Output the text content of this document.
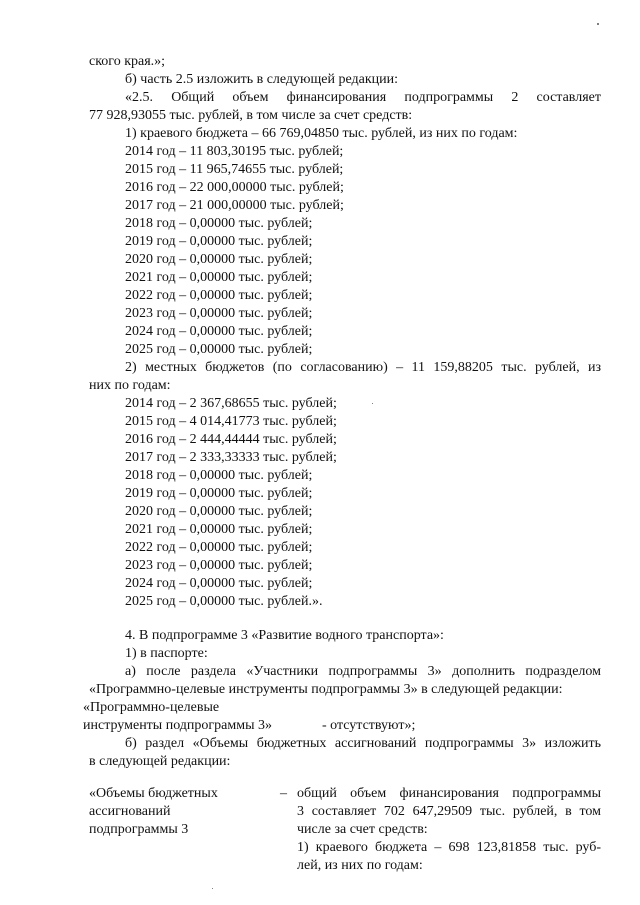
ского края.»;
б) часть 2.5 изложить в следующей редакции:
«2.5. Общий объем финансирования подпрограммы 2 составляет
77 928,93055 тыс. рублей, в том числе за счет средств:
1) краевого бюджета – 66 769,04850 тыс. рублей, из них по годам:
2014 год – 11 803,30195 тыс. рублей;
2015 год – 11 965,74655 тыс. рублей;
2016 год – 22 000,00000 тыс. рублей;
2017 год – 21 000,00000 тыс. рублей;
2018 год – 0,00000 тыс. рублей;
2019 год – 0,00000 тыс. рублей;
2020 год – 0,00000 тыс. рублей;
2021 год – 0,00000 тыс. рублей;
2022 год – 0,00000 тыс. рублей;
2023 год – 0,00000 тыс. рублей;
2024 год – 0,00000 тыс. рублей;
2025 год – 0,00000 тыс. рублей;
2) местных бюджетов (по согласованию) – 11 159,88205 тыс. рублей, из
них по годам:
2014 год – 2 367,68655 тыс. рублей;
2015 год – 4 014,41773 тыс. рублей;
2016 год – 2 444,44444 тыс. рублей;
2017 год – 2 333,33333 тыс. рублей;
2018 год – 0,00000 тыс. рублей;
2019 год – 0,00000 тыс. рублей;
2020 год – 0,00000 тыс. рублей;
2021 год – 0,00000 тыс. рублей;
2022 год – 0,00000 тыс. рублей;
2023 год – 0,00000 тыс. рублей;
2024 год – 0,00000 тыс. рублей;
2025 год – 0,00000 тыс. рублей.».
4. В подпрограмме 3 «Развитие водного транспорта»:
1) в паспорте:
а) после раздела «Участники подпрограммы 3» дополнить подразделом
«Программно-целевые инструменты подпрограммы 3» в следующей редакции:
«Программно-целевые
инструменты подпрограммы 3»	- отсутствуют»;
б) раздел «Объемы бюджетных ассигнований подпрограммы 3» изложить
в следующей редакции:
«Объемы бюджетных
ассигнований
подпрограммы 3
– общий объем финансирования подпрограммы
3 составляет 702 647,29509 тыс. рублей, в том
числе за счет средств:
1) краевого бюджета – 698 123,81858 тыс. руб-
лей, из них по годам:
